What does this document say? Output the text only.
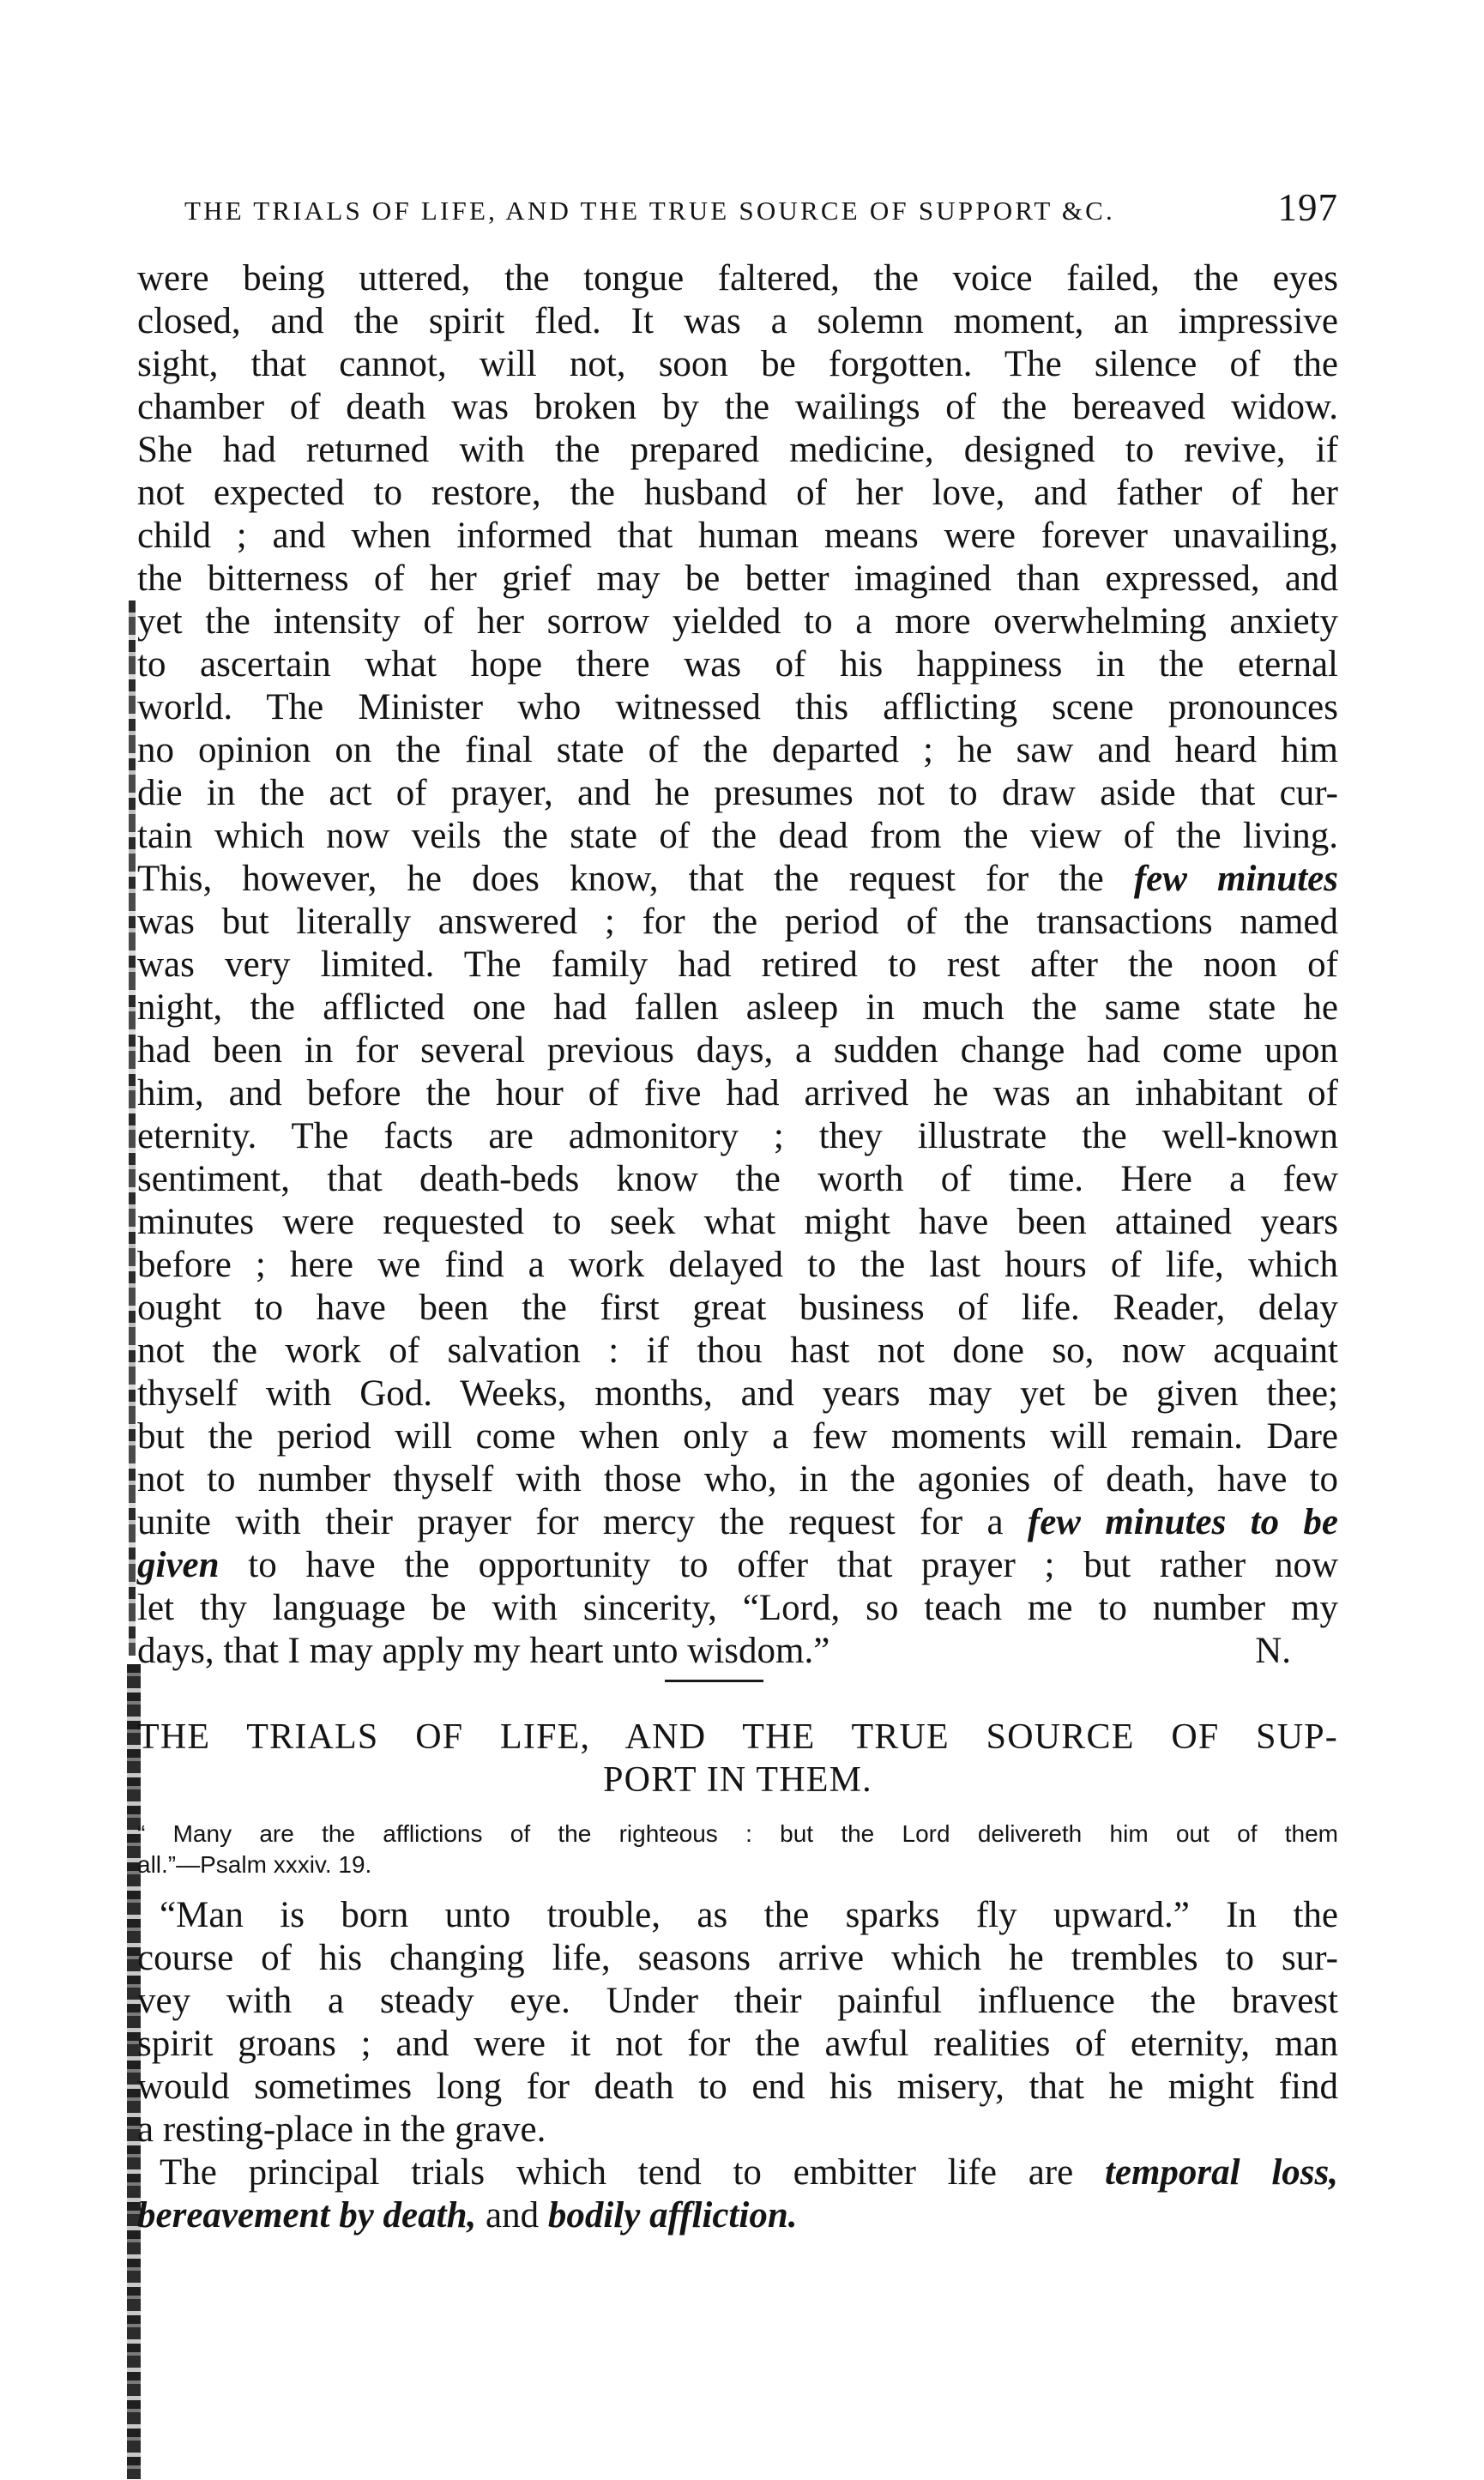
THE TRIALS OF LIFE, AND THE TRUE SOURCE OF SUPPORT &C.	197
were being uttered, the tongue faltered, the voice failed, the eyes
closed, and the spirit fled. It was a solemn moment, an impressive
sight, that cannot, will not, soon be forgotten. The silence of the
chamber of death was broken by the wailings of the bereaved widow.
She had returned with the prepared medicine, designed to revive, if
not expected to restore, the husband of her love, and father of her
child ; and when informed that human means were forever unavailing,
the bitterness of her grief may be better imagined than expressed, and
yet the intensity of her sorrow yielded to a more overwhelming anxiety
to ascertain what hope there was of his happiness in the eternal
world. The Minister who witnessed this afflicting scene pronounces
no opinion on the final state of the departed ; he saw and heard him
die in the act of prayer, and he presumes not to draw aside that cur-
tain which now veils the state of the dead from the view of the living.
This, however, he does know, that the request for the few minutes
was but literally answered ; for the period of the transactions named
was very limited. The family had retired to rest after the noon of
night, the afflicted one had fallen asleep in much the same state he
had been in for several previous days, a sudden change had come upon
him, and before the hour of five had arrived he was an inhabitant of
eternity. The facts are admonitory ; they illustrate the well-known
sentiment, that death-beds know the worth of time. Here a few
minutes were requested to seek what might have been attained years
before ; here we find a work delayed to the last hours of life, which
ought to have been the first great business of life. Reader, delay
not the work of salvation : if thou hast not done so, now acquaint
thyself with God. Weeks, months, and years may yet be given thee;
but the period will come when only a few moments will remain. Dare
not to number thyself with those who, in the agonies of death, have to
unite with their prayer for mercy the request for a few minutes to be
given to have the opportunity to offer that prayer ; but rather now
let thy language be with sincerity, “Lord, so teach me to number my
days, that I may apply my heart unto wisdom.”	N.
THE TRIALS OF LIFE, AND THE TRUE SOURCE OF SUP-
PORT IN THEM.
“ Many are the afflictions of the righteous : but the Lord delivereth him out of them
all.”—Psalm xxxiv. 19.
“Man is born unto trouble, as the sparks fly upward.” In the
course of his changing life, seasons arrive which he trembles to sur-
vey with a steady eye. Under their painful influence the bravest
spirit groans ; and were it not for the awful realities of eternity, man
would sometimes long for death to end his misery, that he might find
a resting-place in the grave.
The principal trials which tend to embitter life are temporal loss,
bereavement by death, and bodily affliction.
